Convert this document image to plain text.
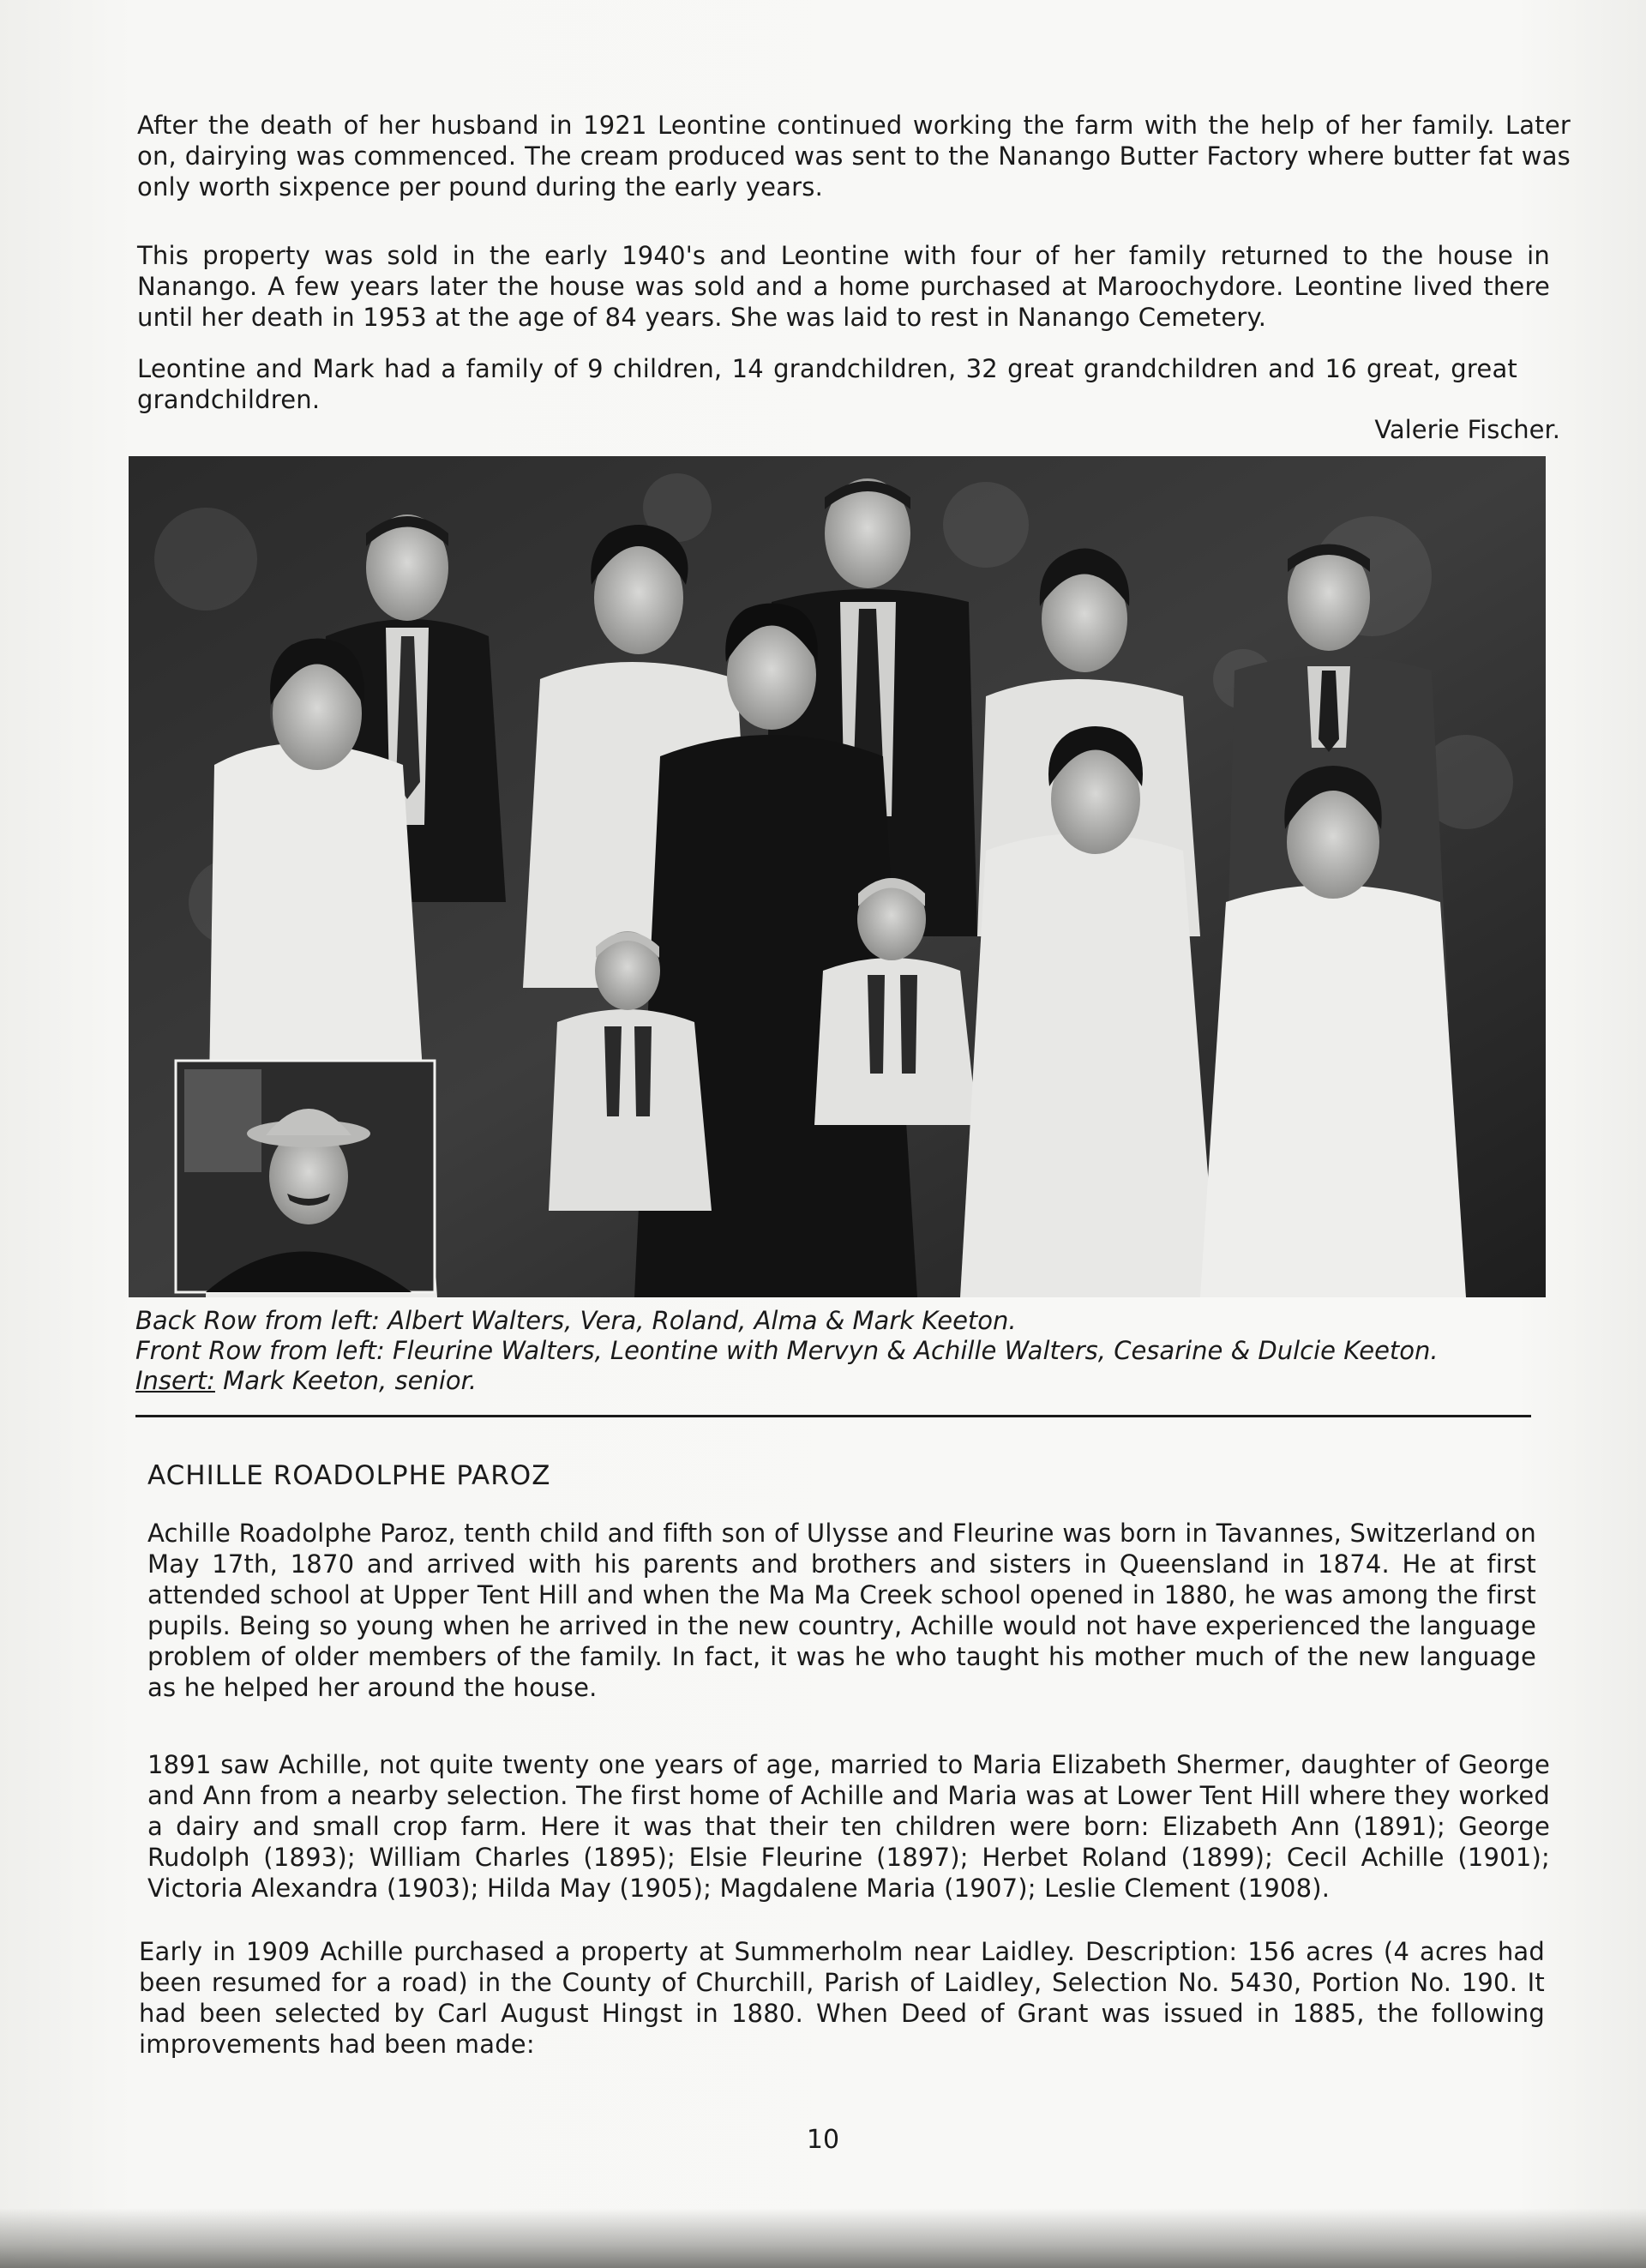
After the death of her husband in 1921 Leontine continued working the farm with the help of her family. Later on, dairying was commenced. The cream produced was sent to the Nanango Butter Factory where butter fat was only worth sixpence per pound during the early years.

This property was sold in the early 1940's and Leontine with four of her family returned to the house in Nanango. A few years later the house was sold and a home purchased at Maroochydore. Leontine lived there until her death in 1953 at the age of 84 years. She was laid to rest in Nanango Cemetery.

Leontine and Mark had a family of 9 children, 14 grandchildren, 32 great grandchildren and 16 great, great grandchildren.

Valerie Fischer.
Back Row from left: Albert Walters, Vera, Roland, Alma & Mark Keeton.
Front Row from left: Fleurine Walters, Leontine with Mervyn & Achille Walters, Cesarine & Dulcie Keeton.
Insert: Mark Keeton, senior.
ACHILLE ROADOLPHE PAROZ

Achille Roadolphe Paroz, tenth child and fifth son of Ulysse and Fleurine was born in Tavannes, Switzerland on May 17th, 1870 and arrived with his parents and brothers and sisters in Queensland in 1874. He at first attended school at Upper Tent Hill and when the Ma Ma Creek school opened in 1880, he was among the first pupils. Being so young when he arrived in the new country, Achille would not have experienced the language problem of older members of the family. In fact, it was he who taught his mother much of the new language as he helped her around the house.

1891 saw Achille, not quite twenty one years of age, married to Maria Elizabeth Shermer, daughter of George and Ann from a nearby selection. The first home of Achille and Maria was at Lower Tent Hill where they worked a dairy and small crop farm. Here it was that their ten children were born: Elizabeth Ann (1891); George Rudolph (1893); William Charles (1895); Elsie Fleurine (1897); Herbet Roland (1899); Cecil Achille (1901); Victoria Alexandra (1903); Hilda May (1905); Magdalene Maria (1907); Leslie Clement (1908).

Early in 1909 Achille purchased a property at Summerholm near Laidley. Description: 156 acres (4 acres had been resumed for a road) in the County of Churchill, Parish of Laidley, Selection No. 5430, Portion No. 190. It had been selected by Carl August Hingst in 1880. When Deed of Grant was issued in 1885, the following improvements had been made:

10
